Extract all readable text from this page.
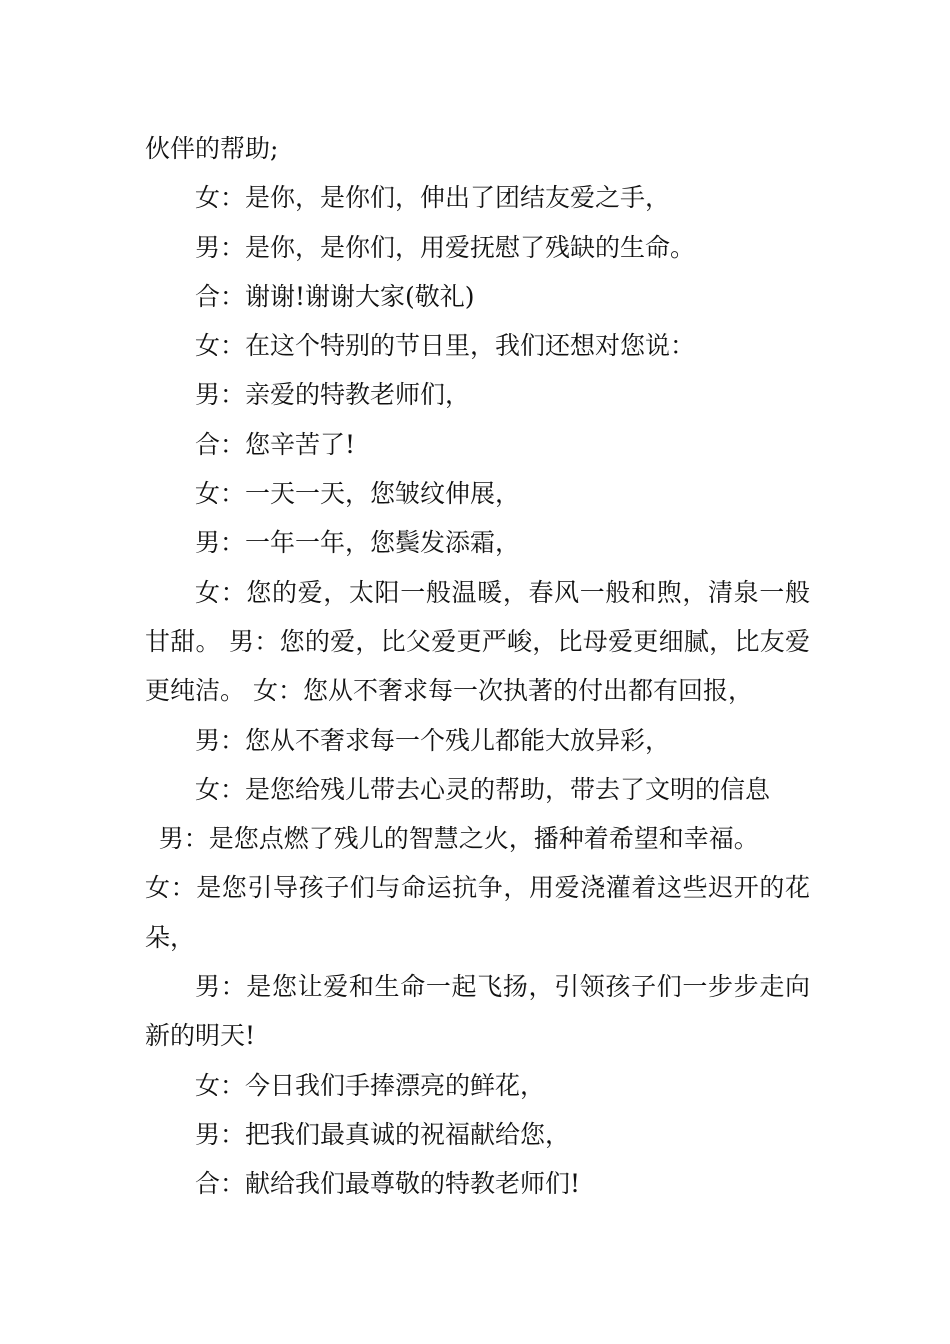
伙伴的帮助;

女：是你，是你们，伸出了团结友爱之手，

男：是你，是你们，用爱抚慰了残缺的生命。

合：谢谢!谢谢大家(敬礼)

女：在这个特别的节日里，我们还想对您说：

男：亲爱的特教老师们，

合：您辛苦了!

女：一天一天，您皱纹伸展，

男：一年一年，您鬓发添霜，

女：您的爱，太阳一般温暖，春风一般和煦，清泉一般甘甜。 男：您的爱，比父爱更严峻，比母爱更细腻，比友爱更纯洁。 女：您从不奢求每一次执著的付出都有回报，

男：您从不奢求每一个残儿都能大放异彩，

女：是您给残儿带去心灵的帮助，带去了文明的信息

男：是您点燃了残儿的智慧之火，播种着希望和幸福。

女：是您引导孩子们与命运抗争，用爱浇灌着这些迟开的花朵，

男：是您让爱和生命一起飞扬，引领孩子们一步步走向新的明天!

女：今日我们手捧漂亮的鲜花，

男：把我们最真诚的祝福献给您，

合：献给我们最尊敬的特教老师们!
